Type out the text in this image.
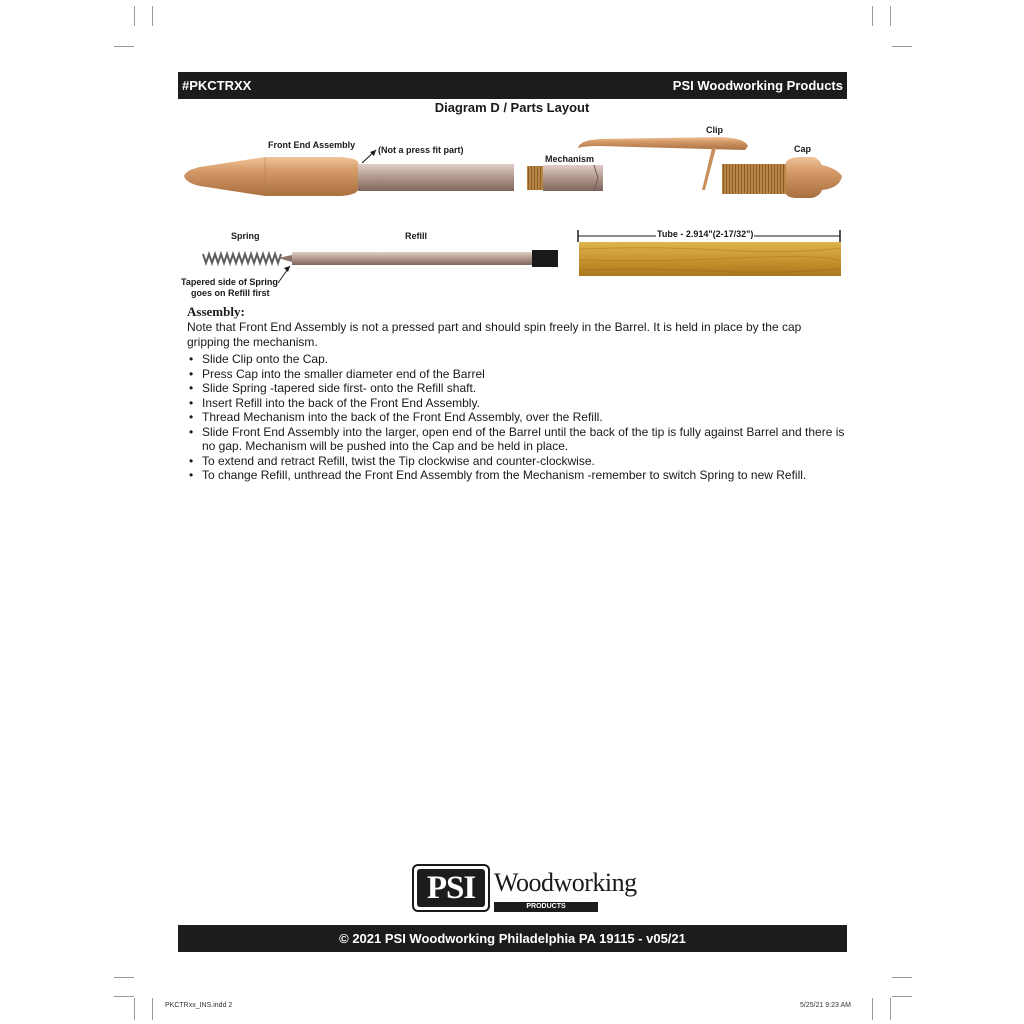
#PKCTRXX	PSI Woodworking Products
Diagram D / Parts Layout
Front End Assembly	(Not a press fit part)
Mechanism
Clip
Cap
Spring	Refill	Tube - 2.914"(2-17/32")
Tapered side of Spring
goes on Refill first
Assembly:
Note that Front End Assembly is not a pressed part and should spin freely in the Barrel. It is held in place by the cap gripping the mechanism.
• Slide Clip onto the Cap.
• Press Cap into the smaller diameter end of the Barrel
• Slide Spring -tapered side first- onto the Refill shaft.
• Insert Refill into the back of the Front End Assembly.
• Thread Mechanism into the back of the Front End Assembly, over the Refill.
• Slide Front End Assembly into the larger, open end of the Barrel until the back of the tip is fully against Barrel and there is no gap. Mechanism will be pushed into the Cap and be held in place.
• To extend and retract Refill, twist the Tip clockwise and counter-clockwise.
• To change Refill, unthread the Front End Assembly from the Mechanism -remember to switch Spring to new Refill.
PSI Woodworking
PRODUCTS
© 2021 PSI Woodworking Philadelphia PA 19115 - v05/21
PKCTRxx_INS.indd 2	5/25/21 9:23 AM
